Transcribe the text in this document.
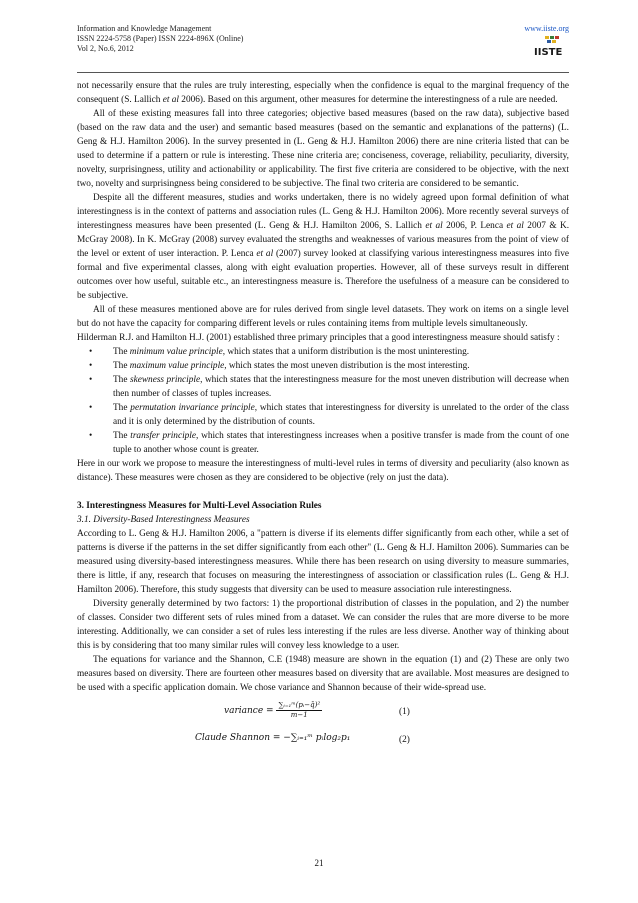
Information and Knowledge Management
ISSN 2224-5758 (Paper) ISSN 2224-896X (Online)
Vol 2, No.6, 2012
www.iiste.org
IISTE

not necessarily ensure that the rules are truly interesting, especially when the confidence is equal to the marginal frequency of the consequent (S. Lallich et al 2006). Based on this argument, other measures for determine the interestingness of a rule are needed.

All of these existing measures fall into three categories; objective based measures (based on the raw data), subjective based (based on the raw data and the user) and semantic based measures (based on the semantic and explanations of the patterns) (L. Geng & H.J. Hamilton 2006). In the survey presented in (L. Geng & H.J. Hamilton 2006) there are nine criteria listed that can be used to determine if a pattern or rule is interesting. These nine criteria are; conciseness, coverage, reliability, peculiarity, diversity, novelty, surprisingness, utility and actionability or applicability. The first five criteria are considered to be objective, with the next two, novelty and surprisingness being considered to be subjective. The final two criteria are considered to be semantic.

Despite all the different measures, studies and works undertaken, there is no widely agreed upon formal definition of what interestingness is in the context of patterns and association rules (L. Geng & H.J. Hamilton 2006). More recently several surveys of interestingness measures have been presented (L. Geng & H.J. Hamilton 2006, S. Lallich et al 2006, P. Lenca et al 2007 & K. McGray 2008). In K. McGray (2008) survey evaluated the strengths and weaknesses of various measures from the point of view of the level or extent of user interaction. P. Lenca et al (2007) survey looked at classifying various interestingness measures into five formal and five experimental classes, along with eight evaluation properties. However, all of these surveys result in different outcomes over how useful, suitable etc., an interestingness measure is. Therefore the usefulness of a measure can be considered to be subjective.

All of these measures mentioned above are for rules derived from single level datasets. They work on items on a single level but do not have the capacity for comparing different levels or rules containing items from multiple levels simultaneously.

Hilderman R.J. and Hamilton H.J. (2001) established three primary principles that a good interestingness measure should satisfy :

• The minimum value principle, which states that a uniform distribution is the most uninteresting.
• The maximum value principle, which states the most uneven distribution is the most interesting.
• The skewness principle, which states that the interestingness measure for the most uneven distribution will decrease when then number of classes of tuples increases.
• The permutation invariance principle, which states that interestingness for diversity is unrelated to the order of the class and it is only determined by the distribution of counts.
• The transfer principle, which states that interestingness increases when a positive transfer is made from the count of one tuple to another whose count is greater.

Here in our work we propose to measure the interestingness of multi-level rules in terms of diversity and peculiarity (also known as distance). These measures were chosen as they are considered to be objective (rely on just the data).

3. Interestingness Measures for Multi-Level Association Rules
3.1. Diversity-Based Interestingness Measures

According to L. Geng & H.J. Hamilton 2006, a "pattern is diverse if its elements differ significantly from each other, while a set of patterns is diverse if the patterns in the set differ significantly from each other" (L. Geng & H.J. Hamilton 2006). Summaries can be measured using diversity-based interestingness measures. While there has been research on using diversity to measure summaries, there is little, if any, research that focuses on measuring the interestingness of association or classification rules (L. Geng & H.J. Hamilton 2006). Therefore, this study suggests that diversity can be used to measure association rule interestingness.

Diversity generally determined by two factors: 1) the proportional distribution of classes in the population, and 2) the number of classes. Consider two different sets of rules mined from a dataset. We can consider the rules that are more diverse to be more interesting. Additionally, we can consider a set of rules less interesting if the rules are less diverse. Another way of thinking about this is by considering that too many similar rules will convey less knowledge to a user.

The equations for variance and the Shannon, C.E (1948) measure are shown in the equation (1) and (2) These are only two measures based on diversity. There are fourteen other measures based on diversity that are available. Most measures are designed to be used with a specific application domain. We chose variance and Shannon because of their wide-spread use.

variance = $\frac{\text{∑ᵢ₌₁ᵐ(pᵢ−q̄)²}}{m-1}$	(1)
Claude Shannon = −∑ᵢ₌₁ᵐ pᵢlog₂p₁	(2)
21
